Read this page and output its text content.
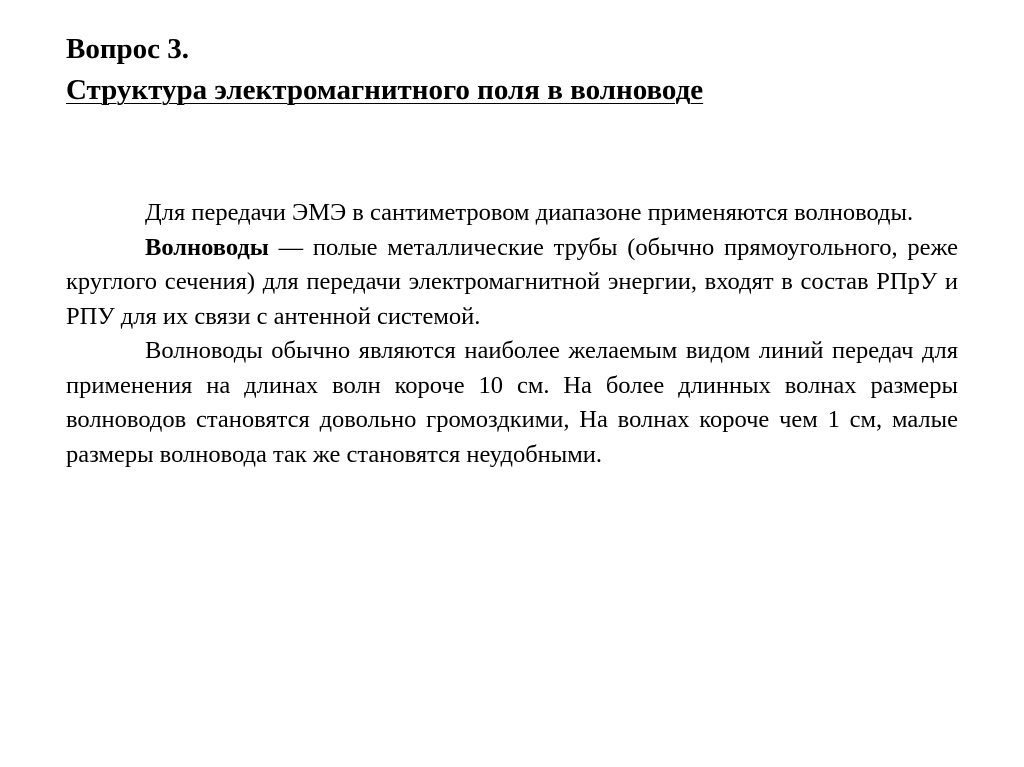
Вопрос 3.
Структура электромагнитного поля в волноводе

Для передачи ЭМЭ в сантиметровом диапазоне применяются волноводы.

Волноводы — полые металлические трубы (обычно прямоугольного, реже круглого сечения) для передачи электромагнитной энергии, входят в состав РПрУ и РПУ для их связи с антенной системой.

Волноводы обычно являются наиболее желаемым видом линий передач для применения на длинах волн короче 10 см. На более длинных волнах размеры волноводов становятся довольно громоздкими, На волнах короче чем 1 см, малые размеры волновода так же становятся неудобными.
